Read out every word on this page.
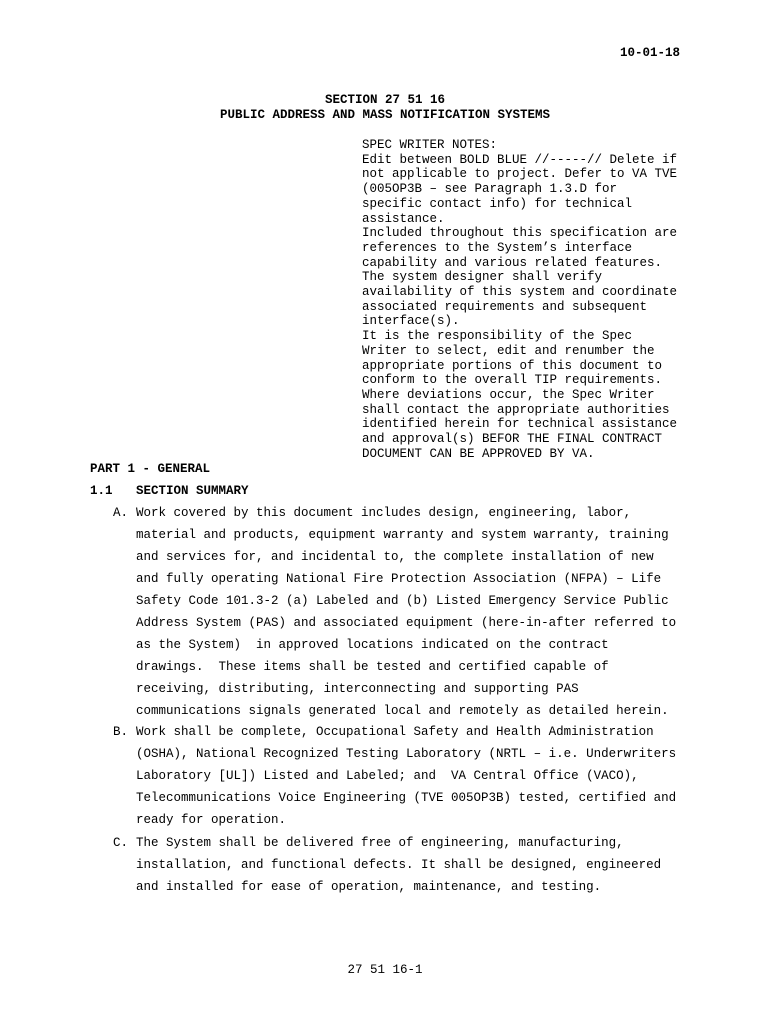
10-01-18
SECTION 27 51 16
PUBLIC ADDRESS AND MASS NOTIFICATION SYSTEMS
SPEC WRITER NOTES:
Edit between BOLD BLUE //-----// Delete if
not applicable to project. Defer to VA TVE
(005OP3B – see Paragraph 1.3.D for
specific contact info) for technical
assistance.
Included throughout this specification are
references to the System’s interface
capability and various related features.
The system designer shall verify
availability of this system and coordinate
associated requirements and subsequent
interface(s).
It is the responsibility of the Spec
Writer to select, edit and renumber the
appropriate portions of this document to
conform to the overall TIP requirements.
Where deviations occur, the Spec Writer
shall contact the appropriate authorities
identified herein for technical assistance
and approval(s) BEFOR THE FINAL CONTRACT
DOCUMENT CAN BE APPROVED BY VA.
PART 1 - GENERAL
1.1 SECTION SUMMARY
A. Work covered by this document includes design, engineering, labor,
material and products, equipment warranty and system warranty, training
and services for, and incidental to, the complete installation of new
and fully operating National Fire Protection Association (NFPA) – Life
Safety Code 101.3-2 (a) Labeled and (b) Listed Emergency Service Public
Address System (PAS) and associated equipment (here-in-after referred to
as the System)  in approved locations indicated on the contract
drawings.  These items shall be tested and certified capable of
receiving, distributing, interconnecting and supporting PAS
communications signals generated local and remotely as detailed herein.
B. Work shall be complete, Occupational Safety and Health Administration
(OSHA), National Recognized Testing Laboratory (NRTL – i.e. Underwriters
Laboratory [UL]) Listed and Labeled; and  VA Central Office (VACO),
Telecommunications Voice Engineering (TVE 005OP3B) tested, certified and
ready for operation.
C. The System shall be delivered free of engineering, manufacturing,
installation, and functional defects. It shall be designed, engineered
and installed for ease of operation, maintenance, and testing.
27 51 16-1
